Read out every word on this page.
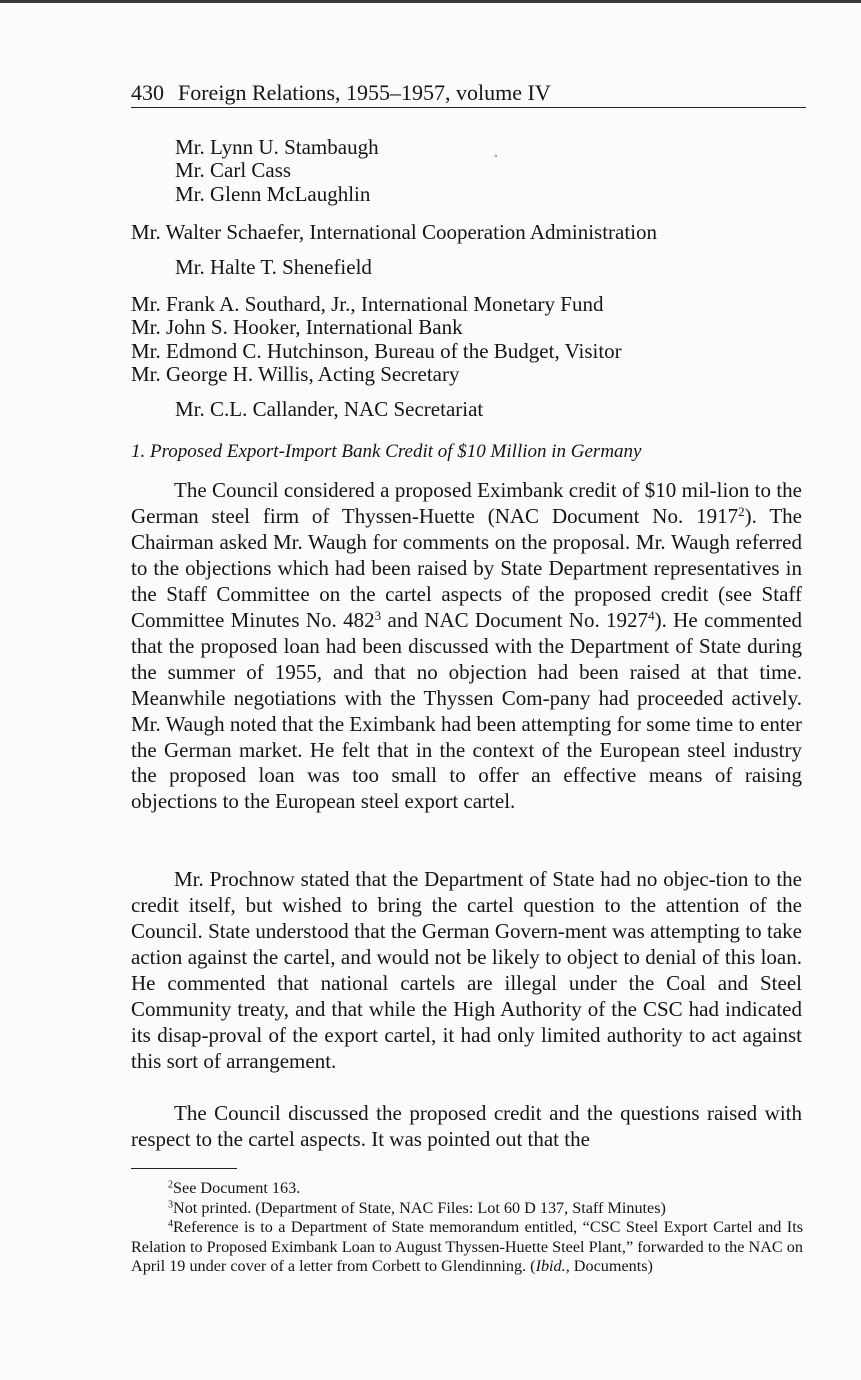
430 Foreign Relations, 1955–1957, volume IV
Mr. Lynn U. Stambaugh	◦
Mr. Carl Cass
Mr. Glenn McLaughlin
Mr. Walter Schaefer, International Cooperation Administration
Mr. Halte T. Shenefield
Mr. Frank A. Southard, Jr., International Monetary Fund
Mr. John S. Hooker, International Bank
Mr. Edmond C. Hutchinson, Bureau of the Budget, Visitor
Mr. George H. Willis, Acting Secretary
Mr. C.L. Callander, NAC Secretariat
1. Proposed Export-Import Bank Credit of $10 Million in Germany

The Council considered a proposed Eximbank credit of $10 mil-lion to the German steel firm of Thyssen-Huette (NAC Document No. 1917$^2$). The Chairman asked Mr. Waugh for comments on the proposal. Mr. Waugh referred to the objections which had been raised by State Department representatives in the Staff Committee on the cartel aspects of the proposed credit (see Staff Committee Minutes No. $482^3$ and NAC Document No. 1927$^4$). He commented that the proposed loan had been discussed with the Department of State during the summer of 1955, and that no objection had been raised at that time. Meanwhile negotiations with the Thyssen Com-pany had proceeded actively. Mr. Waugh noted that the Eximbank had been attempting for some time to enter the German market. He felt that in the context of the European steel industry the proposed loan was too small to offer an effective means of raising objections to the European steel export cartel.

Mr. Prochnow stated that the Department of State had no objec-tion to the credit itself, but wished to bring the cartel question to the attention of the Council. State understood that the German Govern-ment was attempting to take action against the cartel, and would not be likely to object to denial of this loan. He commented that national cartels are illegal under the Coal and Steel Community treaty, and that while the High Authority of the CSC had indicated its disap-proval of the export cartel, it had only limited authority to act against this sort of arrangement.

The Council discussed the proposed credit and the questions raised with respect to the cartel aspects. It was pointed out that the

$^2$See Document 163.

$^3$Not printed. (Department of State, NAC Files: Lot 60 D 137, Staff Minutes)

$^4$Reference is to a Department of State memorandum entitled, “CSC Steel Export Cartel and Its Relation to Proposed Eximbank Loan to August Thyssen-Huette Steel Plant,” forwarded to the NAC on April 19 under cover of a letter from Corbett to Glendinning. (Ibid., Documents)
